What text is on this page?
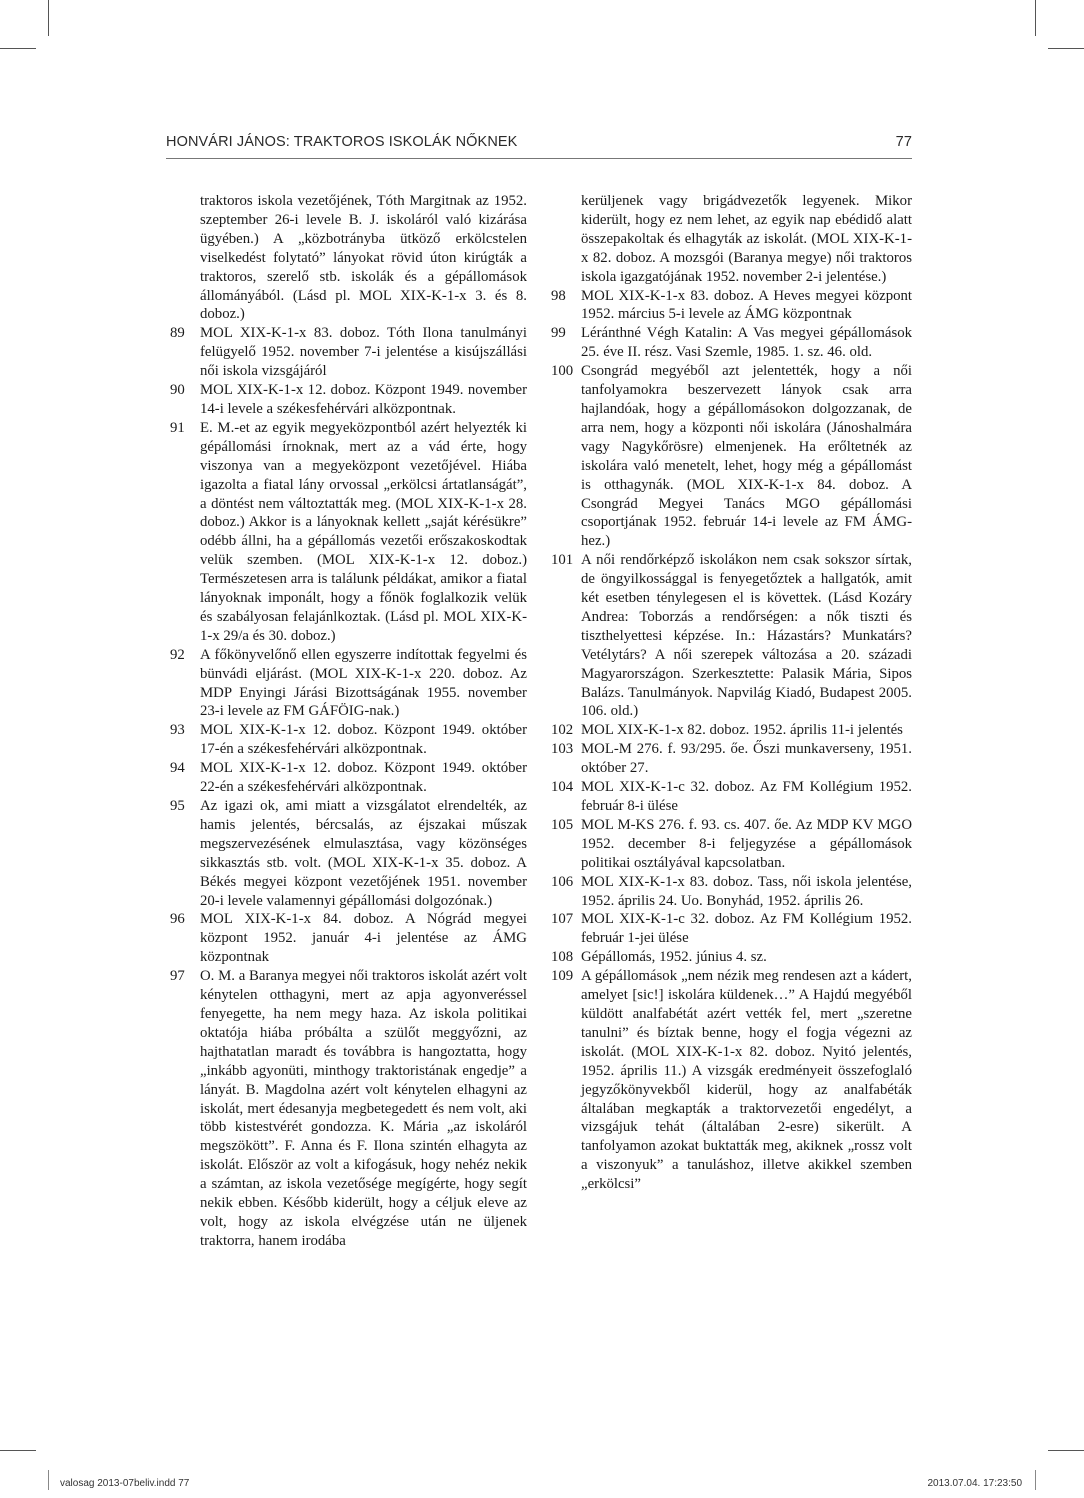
HONVÁRI JÁNOS: TRAKTOROS ISKOLÁK NŐKNEK	77
traktoros iskola vezetőjének, Tóth Margitnak az 1952. szeptember 26-i levele B. J. iskoláról való kizárása ügyében.) A „közbotrányba ütköző erkölcstelen viselkedést folytató” lányokat rövid úton kirúgták a traktoros, szerelő stb. iskolák és a gépállomások állományából. (Lásd pl. MOL XIX-K-1-x 3. és 8. doboz.)
89 MOL XIX-K-1-x 83. doboz. Tóth Ilona tanulmányi felügyelő 1952. november 7-i jelentése a kisújszállási női iskola vizsgájáról
90 MOL XIX-K-1-x 12. doboz. Központ 1949. november 14-i levele a székesfehérvári alközpontnak.
91 E. M.-et az egyik megyeközpontból azért helyezték ki gépállomási írnoknak, mert az a vád érte, hogy viszonya van a megyeközpont vezetőjével. Hiába igazolta a fiatal lány orvossal „erkölcsi ártatlanságát”, a döntést nem változtatták meg. (MOL XIX-K-1-x 28. doboz.) Akkor is a lányoknak kellett „saját kérésükre” odébb állni, ha a gépállomás vezetői erőszakoskodtak velük szemben. (MOL XIX-K-1-x 12. doboz.) Természetesen arra is találunk példákat, amikor a fiatal lányoknak imponált, hogy a főnök foglalkozik velük és szabályosan felajánlkoztak. (Lásd pl. MOL XIX-K-1-x 29/a és 30. doboz.)
92 A főkönyvelőnő ellen egyszerre indítottak fegyelmi és bünvádi eljárást. (MOL XIX-K-1-x 220. doboz. Az MDP Enyingi Járási Bizottságának 1955. november 23-i levele az FM GÁFÖIG-nak.)
93 MOL XIX-K-1-x 12. doboz. Központ 1949. október 17-én a székesfehérvári alközpontnak.
94 MOL XIX-K-1-x 12. doboz. Központ 1949. október 22-én a székesfehérvári alközpontnak.
95 Az igazi ok, ami miatt a vizsgálatot elrendelték, az hamis jelentés, bércsalás, az éjszakai műszak megszervezésének elmulasztása, vagy közönséges sikkasztás stb. volt. (MOL XIX-K-1-x 35. doboz. A Békés megyei központ vezetőjének 1951. november 20-i levele valamennyi gépállomási dolgozónak.)
96 MOL XIX-K-1-x 84. doboz. A Nógrád megyei központ 1952. január 4-i jelentése az ÁMG központnak
97 O. M. a Baranya megyei női traktoros iskolát azért volt kénytelen otthagyni, mert az apja agyonveréssel fenyegette, ha nem megy haza. Az iskola politikai oktatója hiába próbálta a szülőt meggyőzni, az hajthatatlan maradt és továbbra is hangoztatta, hogy „inkább agyonüti, minthogy traktoristának engedje” a lányát. B. Magdolna azért volt kénytelen elhagyni az iskolát, mert édesanyja megbetegedett és nem volt, aki több kistestvérét gondozza. K. Mária „az iskoláról megszökött”. F. Anna és F. Ilona szintén elhagyta az iskolát. Először az volt a kifogásuk, hogy nehéz nekik a számtan, az iskola vezetősége megígérte, hogy segít nekik ebben. Később kiderült, hogy a céljuk eleve az volt, hogy az iskola elvégzése után ne üljenek traktorra, hanem irodába
kerüljenek vagy brigádvezetők legyenek. Mikor kiderült, hogy ez nem lehet, az egyik nap ebédidő alatt összepakoltak és elhagyták az iskolát. (MOL XIX-K-1-x 82. doboz. A mozsgói (Baranya megye) női traktoros iskola igazgatójának 1952. november 2-i jelentése.)
98 MOL XIX-K-1-x 83. doboz. A Heves megyei központ 1952. március 5-i levele az ÁMG központnak
99 Léránthné Végh Katalin: A Vas megyei gépállomások 25. éve II. rész. Vasi Szemle, 1985. 1. sz. 46. old.
100 Csongrád megyéből azt jelentették, hogy a női tanfolyamokra beszervezett lányok csak arra hajlandóak, hogy a gépállomásokon dolgozzanak, de arra nem, hogy a központi női iskolára (Jánoshalmára vagy Nagykőrösre) elmenjenek. Ha erőltetnék az iskolára való menetelt, lehet, hogy még a gépállomást is otthagynák. (MOL XIX-K-1-x 84. doboz. A Csongrád Megyei Tanács MGO gépállomási csoportjának 1952. február 14-i levele az FM ÁMG-hez.)
101 A női rendőrképző iskolákon nem csak sokszor sírtak, de öngyilkossággal is fenyegetőztek a hallgatók, amit két esetben ténylegesen el is követtek. (Lásd Kozáry Andrea: Toborzás a rendőrségen: a nők tiszti és tiszthelyettesi képzése. In.: Házastárs? Munkatárs? Vetélytárs? A női szerepek változása a 20. századi Magyarországon. Szerkesztette: Palasik Mária, Sipos Balázs. Tanulmányok. Napvilág Kiadó, Budapest 2005. 106. old.)
102 MOL XIX-K-1-x 82. doboz. 1952. április 11-i jelentés
103 MOL-M 276. f. 93/295. őe. Őszi munkaverseny, 1951. október 27.
104 MOL XIX-K-1-c 32. doboz. Az FM Kollégium 1952. február 8-i ülése
105 MOL M-KS 276. f. 93. cs. 407. őe. Az MDP KV MGO 1952. december 8-i feljegyzése a gépállomások politikai osztályával kapcsolatban.
106 MOL XIX-K-1-x 83. doboz. Tass, női iskola jelentése, 1952. április 24. Uo. Bonyhád, 1952. április 26.
107 MOL XIX-K-1-c 32. doboz. Az FM Kollégium 1952. február 1-jei ülése
108 Gépállomás, 1952. június 4. sz.
109 A gépállomások „nem nézik meg rendesen azt a kádert, amelyet [sic!] iskolára küldenek…” A Hajdú megyéből küldött analfabétát azért vették fel, mert „szeretne tanulni” és bíztak benne, hogy el fogja végezni az iskolát. (MOL XIX-K-1-x 82. doboz. Nyitó jelentés, 1952. április 11.) A vizsgák eredményeit összefoglaló jegyzőkönyvekből kiderül, hogy az analfabéták általában megkapták a traktorvezetői engedélyt, a vizsgájuk tehát (általában 2-esre) sikerült. A tanfolyamon azokat buktatták meg, akiknek „rossz volt a viszonyuk” a tanuláshoz, illetve akikkel szemben „erkölcsi”
valosag 2013-07beliv.indd 77	2013.07.04. 17:23:50
